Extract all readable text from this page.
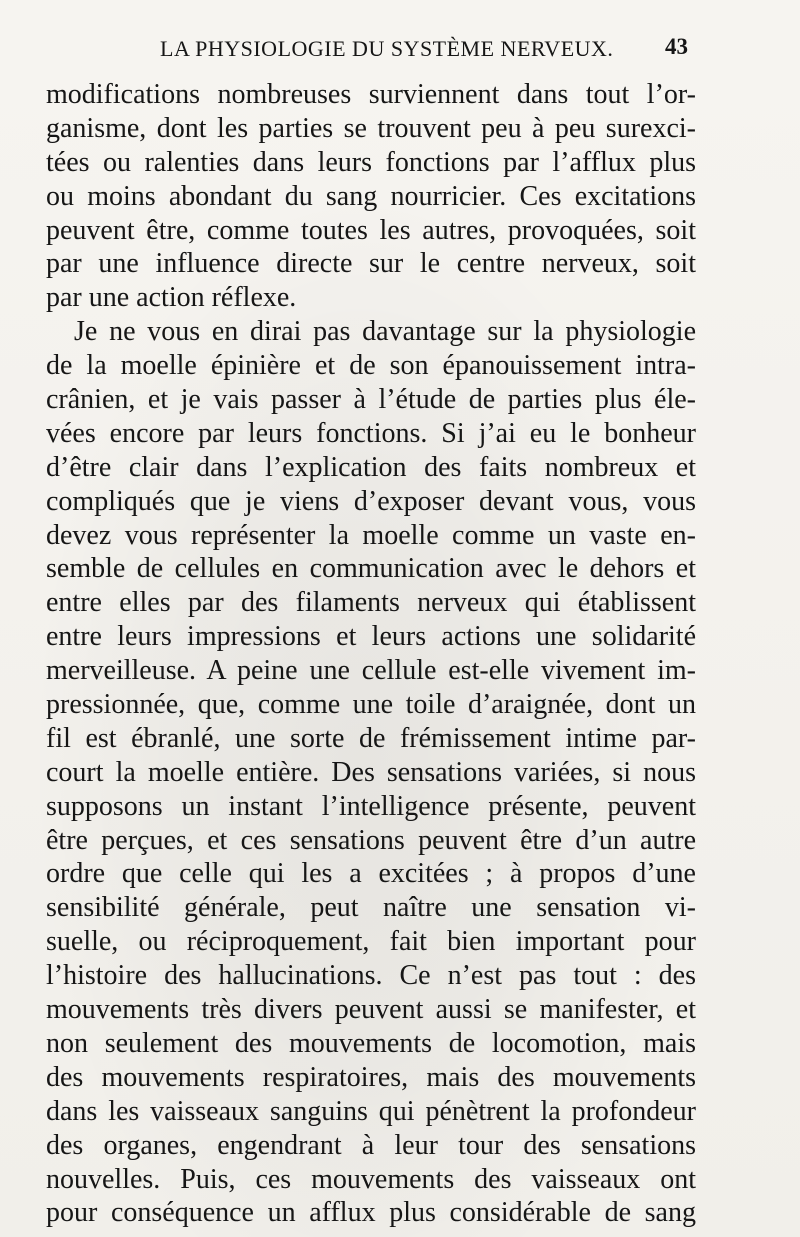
LA PHYSIOLOGIE DU SYSTÈME NERVEUX. 43
modifications nombreuses surviennent dans tout l’or-
ganisme, dont les parties se trouvent peu à peu surexci-
tées ou ralenties dans leurs fonctions par l’afflux plus
ou moins abondant du sang nourricier. Ces excitations
peuvent être, comme toutes les autres, provoquées, soit
par une influence directe sur le centre nerveux, soit
par une action réflexe.
Je ne vous en dirai pas davantage sur la physiologie
de la moelle épinière et de son épanouissement intra-
crânien, et je vais passer à l’étude de parties plus éle-
vées encore par leurs fonctions. Si j’ai eu le bonheur
d’être clair dans l’explication des faits nombreux et
compliqués que je viens d’exposer devant vous, vous
devez vous représenter la moelle comme un vaste en-
semble de cellules en communication avec le dehors et
entre elles par des filaments nerveux qui établissent
entre leurs impressions et leurs actions une solidarité
merveilleuse. A peine une cellule est-elle vivement im-
pressionnée, que, comme une toile d’araignée, dont un
fil est ébranlé, une sorte de frémissement intime par-
court la moelle entière. Des sensations variées, si nous
supposons un instant l’intelligence présente, peuvent
être perçues, et ces sensations peuvent être d’un autre
ordre que celle qui les a excitées ; à propos d’une
sensibilité générale, peut naître une sensation vi-
suelle, ou réciproquement, fait bien important pour
l’histoire des hallucinations. Ce n’est pas tout : des
mouvements très divers peuvent aussi se manifester, et
non seulement des mouvements de locomotion, mais
des mouvements respiratoires, mais des mouvements
dans les vaisseaux sanguins qui pénètrent la profondeur
des organes, engendrant à leur tour des sensations
nouvelles. Puis, ces mouvements des vaisseaux ont
pour conséquence un afflux plus considérable de sang
